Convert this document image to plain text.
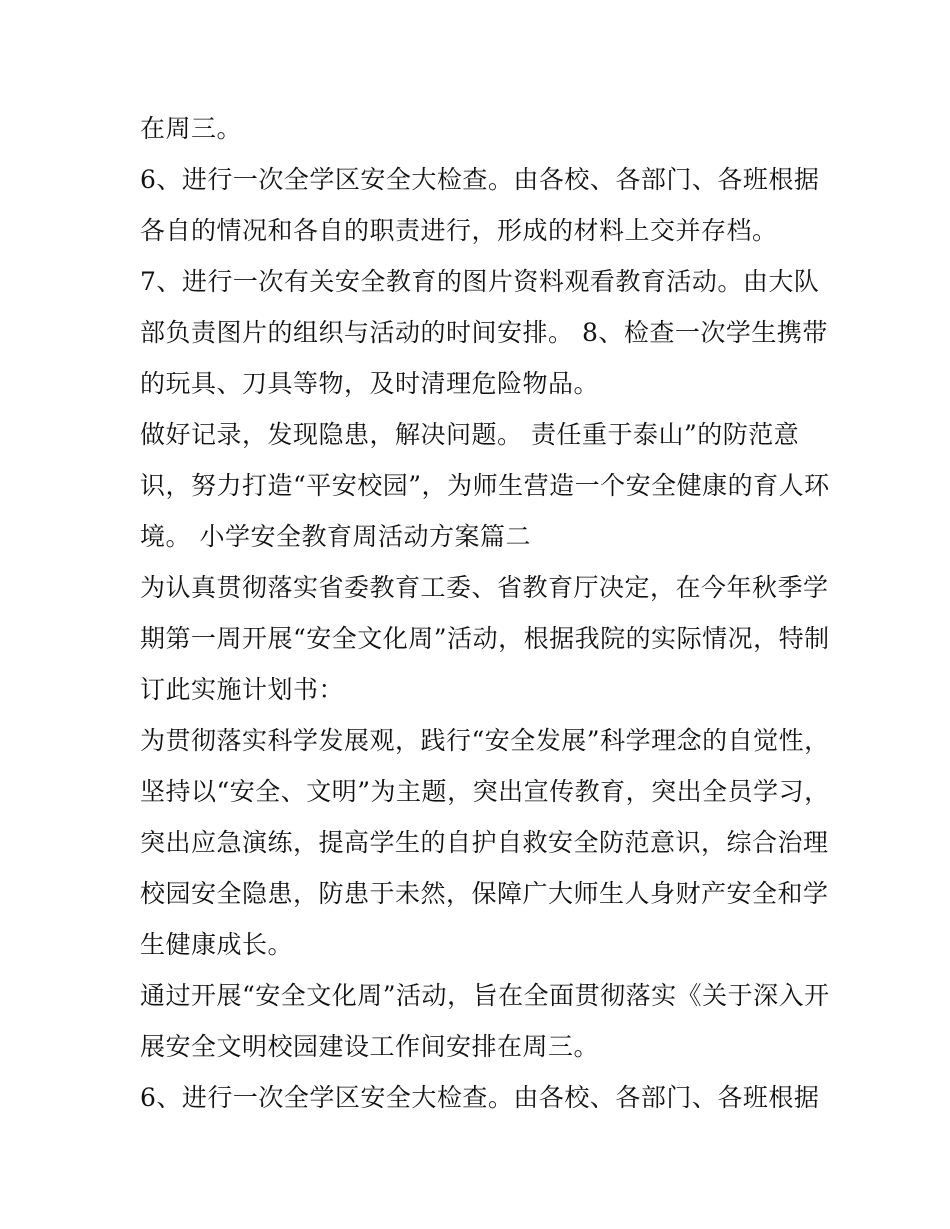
在周三。
6、进行一次全学区安全大检查。由各校、各部门、各班根据
各自的情况和各自的职责进行，形成的材料上交并存档。
7、进行一次有关安全教育的图片资料观看教育活动。由大队
部负责图片的组织与活动的时间安排。 8、检查一次学生携带
的玩具、刀具等物，及时清理危险物品。
做好记录，发现隐患，解决问题。 责任重于泰山”的防范意
识，努力打造“平安校园”，为师生营造一个安全健康的育人环
境。 小学安全教育周活动方案篇二
为认真贯彻落实省委教育工委、省教育厅决定，在今年秋季学
期第一周开展“安全文化周”活动，根据我院的实际情况，特制
订此实施计划书：
为贯彻落实科学发展观，践行“安全发展”科学理念的自觉性，
坚持以“安全、文明”为主题，突出宣传教育，突出全员学习，
突出应急演练，提高学生的自护自救安全防范意识，综合治理
校园安全隐患，防患于未然，保障广大师生人身财产安全和学
生健康成长。
通过开展“安全文化周”活动，旨在全面贯彻落实《关于深入开
展安全文明校园建设工作间安排在周三。
6、进行一次全学区安全大检查。由各校、各部门、各班根据
